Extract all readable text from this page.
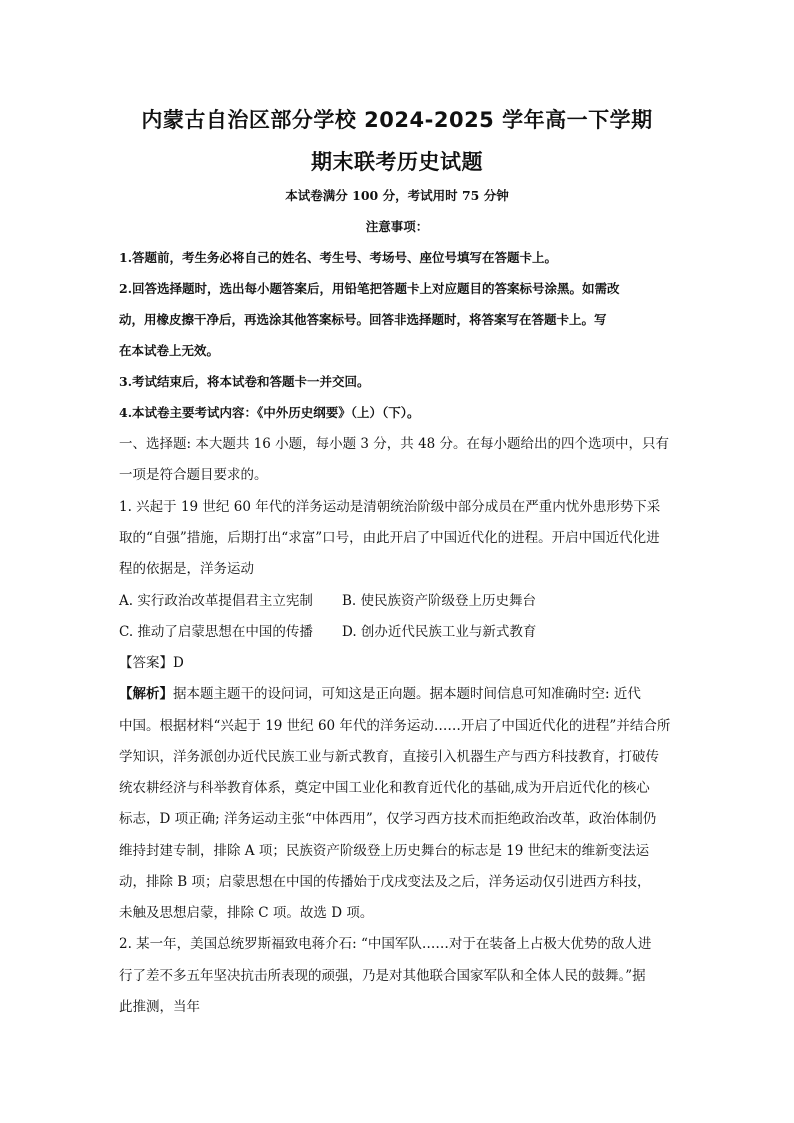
内蒙古自治区部分学校 2024-2025 学年高一下学期
期末联考历史试题
本试卷满分 100 分，考试用时 75 分钟
注意事项：
1.答题前，考生务必将自己的姓名、考生号、考场号、座位号填写在答题卡上。
2.回答选择题时，选出每小题答案后，用铅笔把答题卡上对应题目的答案标号涂黑。如需改
动，用橡皮擦干净后，再选涂其他答案标号。回答非选择题时，将答案写在答题卡上。写
在本试卷上无效。
3.考试结束后，将本试卷和答题卡一并交回。
4.本试卷主要考试内容：《中外历史纲要》（上）（下）。
一、选择题: 本大题共 16 小题，每小题 3 分，共 48 分。在每小题给出的四个选项中，只有
一项是符合题目要求的。
1. 兴起于 19 世纪 60 年代的洋务运动是清朝统治阶级中部分成员在严重内忧外患形势下采
取的“自强”措施，后期打出“求富”口号，由此开启了中国近代化的进程。开启中国近代化进
程的依据是，洋务运动
A. 实行政治改革提倡君主立宪制 B. 使民族资产阶级登上历史舞台
C. 推动了启蒙思想在中国的传播 D. 创办近代民族工业与新式教育
【答案】D
【解析】据本题主题干的设问词，可知这是正向题。据本题时间信息可知准确时空: 近代
中国。根据材料“兴起于 19 世纪 60 年代的洋务运动……开启了中国近代化的进程”并结合所
学知识，洋务派创办近代民族工业与新式教育，直接引入机器生产与西方科技教育，打破传
统农耕经济与科举教育体系，奠定中国工业化和教育近代化的基础,成为开启近代化的核心
标志，D 项正确; 洋务运动主张“中体西用”，仅学习西方技术而拒绝政治改革，政治体制仍
维持封建专制，排除 A 项；民族资产阶级登上历史舞台的标志是 19 世纪末的维新变法运
动，排除 B 项；启蒙思想在中国的传播始于戊戌变法及之后，洋务运动仅引进西方科技，
未触及思想启蒙，排除 C 项。故选 D 项。
2. 某一年，美国总统罗斯福致电蒋介石: “中国军队……对于在装备上占极大优势的敌人进
行了差不多五年坚决抗击所表现的顽强，乃是对其他联合国家军队和全体人民的鼓舞。”据
此推测，当年
